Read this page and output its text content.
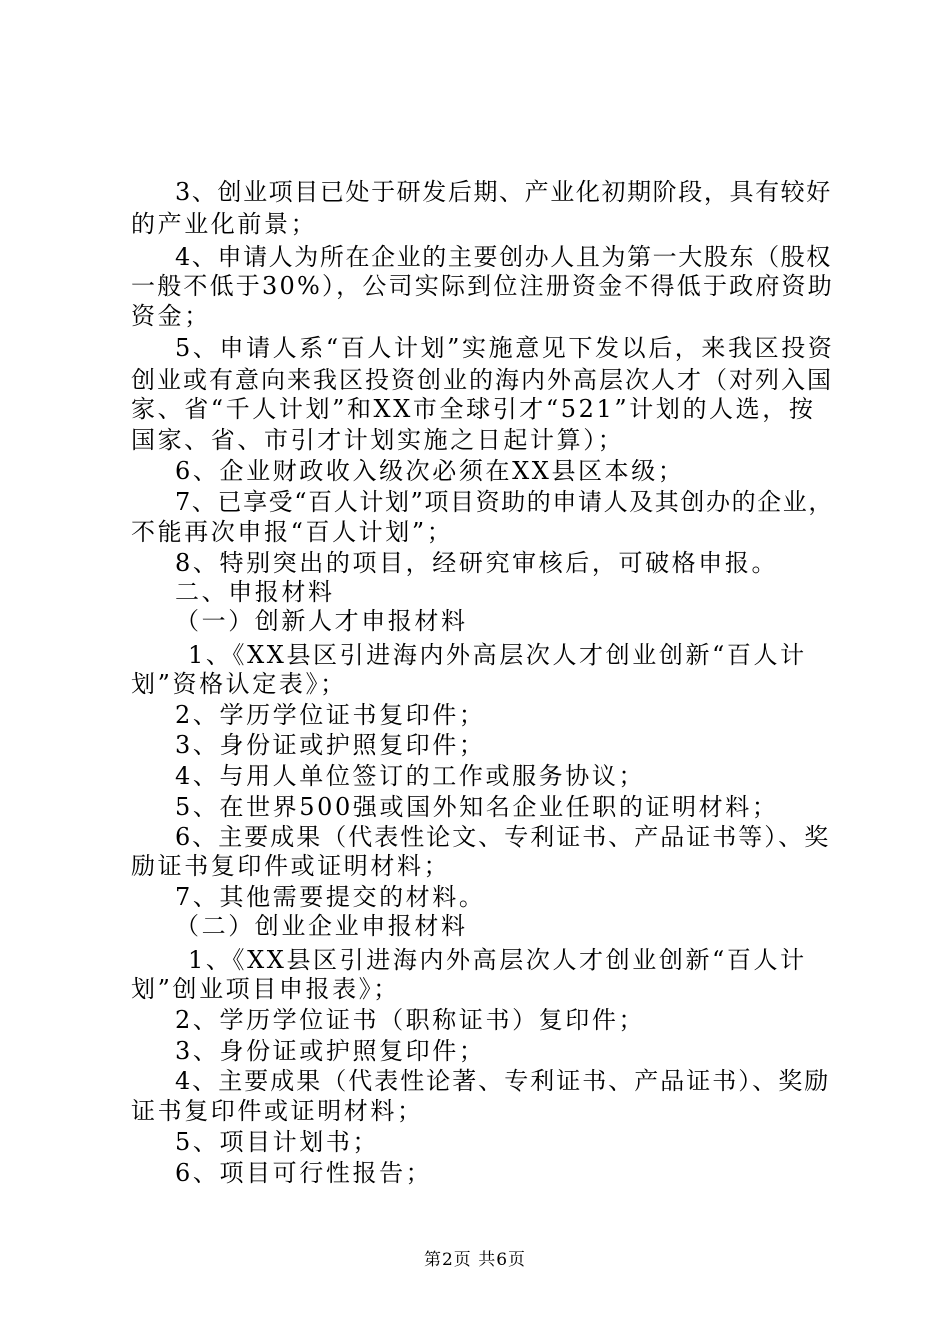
3、创业项目已处于研发后期、产业化初期阶段，具有较好
的产业化前景；
4、申请人为所在企业的主要创办人且为第一大股东（股权
一般不低于30%），公司实际到位注册资金不得低于政府资助
资金；
5、申请人系“百人计划”实施意见下发以后，来我区投资
创业或有意向来我区投资创业的海内外高层次人才（对列入国
家、省“千人计划”和XX市全球引才“521”计划的人选，按
国家、省、市引才计划实施之日起计算）；
6、企业财政收入级次必须在XX县区本级；
7、已享受“百人计划”项目资助的申请人及其创办的企业，
不能再次申报“百人计划”；
8、特别突出的项目，经研究审核后，可破格申报。
二、申报材料
（一）创新人才申报材料
1、《XX县区引进海内外高层次人才创业创新“百人计
划”资格认定表》；
2、学历学位证书复印件；
3、身份证或护照复印件；
4、与用人单位签订的工作或服务协议；
5、在世界500强或国外知名企业任职的证明材料；
6、主要成果（代表性论文、专利证书、产品证书等）、奖
励证书复印件或证明材料；
7、其他需要提交的材料。
（二）创业企业申报材料
1、《XX县区引进海内外高层次人才创业创新“百人计
划”创业项目申报表》；
2、学历学位证书（职称证书）复印件；
3、身份证或护照复印件；
4、主要成果（代表性论著、专利证书、产品证书）、奖励
证书复印件或证明材料；
5、项目计划书；
6、项目可行性报告；
第2页 共6页
